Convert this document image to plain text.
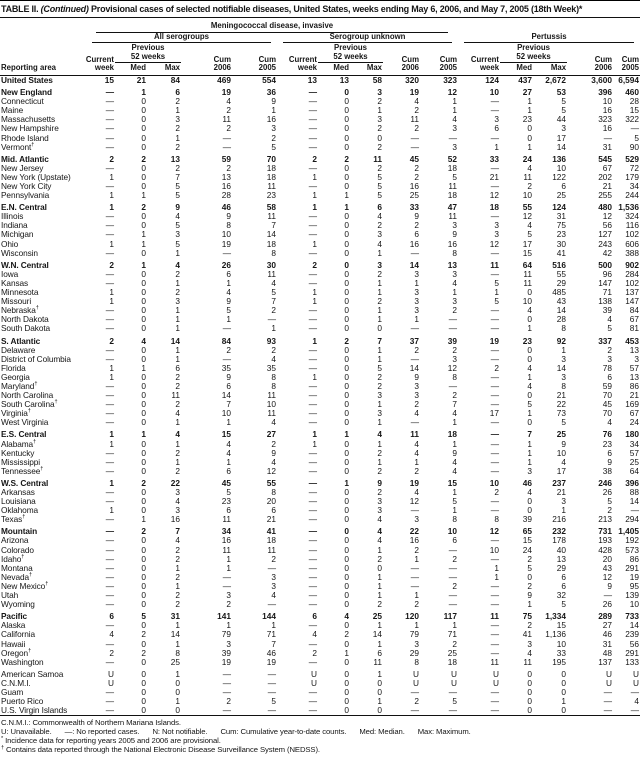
TABLE II. (Continued) Provisional cases of selected notifiable diseases, United States, weeks ending May 6, 2006, and May 7, 2005 (18th Week)*
Reporting area	Meningococcal disease, invasive														

	All serogroups					Serogroup unknown					Pertussis				

	Current
week	Previous
52 weeks		Cum
2006	Cum
2005	Current
week	Previous
52 weeks		Cum
2006	Cum
2005	Current
week	Previous
52 weeks		Cum
2006	Cum
2005
		Med	Max				Med	Max				Med	Max		
United States	15	21	84	469	554	13	13	58	320	323	124	437	2,672	3,600	6,594
New England	—	1	6	19	36	—	0	3	19	12	10	27	53	396	460
Connecticut	—	0	2	4	9	—	0	2	4	1	—	1	5	10	28
Maine	—	0	1	2	1	—	0	1	2	1	—	1	5	16	15
Massachusetts	—	0	3	11	16	—	0	3	11	4	3	23	44	323	322
New Hampshire	—	0	2	2	3	—	0	2	2	3	6	0	3	16	—
Rhode Island	—	0	1	—	2	—	0	0	—	—	—	0	17	—	5
Vermont†	—	0	2	—	5	—	0	2	—	3	1	1	14	31	90
Mid. Atlantic	2	2	13	59	70	2	2	11	45	52	33	24	136	545	529
New Jersey	—	0	2	2	18	—	0	2	2	18	—	4	10	67	72
New York (Upstate)	1	0	7	13	18	1	0	5	2	5	21	11	122	202	179
New York City	—	0	5	16	11	—	0	5	16	11	—	2	6	21	34
Pennsylvania	1	1	5	28	23	1	1	5	25	18	12	10	25	255	244
E.N. Central	1	2	9	46	58	1	1	6	33	47	18	55	124	480	1,536
Illinois	—	0	4	9	11	—	0	4	9	11	—	12	31	12	324
Indiana	—	0	5	8	7	—	0	2	2	3	3	4	75	56	116
Michigan	—	1	3	10	14	—	0	3	6	9	3	5	23	127	102
Ohio	1	1	5	19	18	1	0	4	16	16	12	17	30	243	606
Wisconsin	—	0	1	—	8	—	0	1	—	8	—	15	41	42	388
W.N. Central	2	1	4	26	30	2	0	3	14	13	11	64	516	500	902
Iowa	—	0	2	6	11	—	0	2	3	3	—	11	55	96	284
Kansas	—	0	1	1	4	—	0	1	1	4	5	11	29	147	102
Minnesota	1	0	2	4	5	1	0	1	3	1	1	0	485	71	137
Missouri	1	0	3	9	7	1	0	2	3	3	5	10	43	138	147
Nebraska†	—	0	1	5	2	—	0	1	3	2	—	4	14	39	84
North Dakota	—	0	1	1	—	—	0	1	1	—	—	0	28	4	67
South Dakota	—	0	1	—	1	—	0	0	—	—	—	1	8	5	81
S. Atlantic	2	4	14	84	93	1	2	7	37	39	19	23	92	337	453
Delaware	—	0	1	2	2	—	0	1	2	2	—	0	1	2	13
District of Columbia	—	0	1	—	4	—	0	1	—	3	—	0	3	3	3
Florida	1	1	6	35	35	—	0	5	14	12	2	4	14	78	57
Georgia	1	0	2	9	8	1	0	2	9	8	—	1	3	6	13
Maryland†	—	0	2	6	8	—	0	2	3	—	—	4	8	59	86
North Carolina	—	0	11	14	11	—	0	3	3	2	—	0	21	70	21
South Carolina†	—	0	2	7	10	—	0	1	2	7	—	5	22	45	169
Virginia†	—	0	4	10	11	—	0	3	4	4	17	1	73	70	67
West Virginia	—	0	1	1	4	—	0	1	—	1	—	0	5	4	24
E.S. Central	1	1	4	15	27	1	1	4	11	18	—	7	25	76	180
Alabama†	1	0	1	4	2	1	0	1	4	1	—	1	9	23	34
Kentucky	—	0	2	4	9	—	0	2	4	9	—	1	10	6	57
Mississippi	—	0	1	1	4	—	0	1	1	4	—	1	4	9	25
Tennessee†	—	0	2	6	12	—	0	2	2	4	—	3	17	38	64
W.S. Central	1	2	22	45	55	—	1	9	19	15	10	46	237	246	396
Arkansas	—	0	3	5	8	—	0	2	4	1	2	4	21	26	88
Louisiana	—	0	4	23	20	—	0	3	12	5	—	0	3	5	14
Oklahoma	1	0	3	6	6	—	0	3	—	1	—	0	1	2	—
Texas†	—	1	16	11	21	—	0	4	3	8	8	39	216	213	294
Mountain	—	2	7	34	41	—	0	4	22	10	12	65	232	731	1,405
Arizona	—	0	4	16	18	—	0	4	16	6	—	15	178	193	192
Colorado	—	0	2	11	11	—	0	1	2	—	10	24	40	428	573
Idaho†	—	0	2	1	2	—	0	2	1	2	—	2	13	20	86
Montana	—	0	1	1	—	—	0	0	—	—	1	5	29	43	291
Nevada†	—	0	2	—	3	—	0	1	—	—	1	0	6	12	19
New Mexico†	—	0	1	—	3	—	0	1	—	2	—	2	6	9	95
Utah	—	0	2	3	4	—	0	1	1	—	—	9	32	—	139
Wyoming	—	0	2	2	—	—	0	2	2	—	—	1	5	26	10
Pacific	6	5	31	141	144	6	4	25	120	117	11	75	1,334	289	733
Alaska	—	0	1	1	1	—	0	1	1	1	—	2	15	27	14
California	4	2	14	79	71	4	2	14	79	71	—	41	1,136	46	239
Hawaii	—	0	1	3	7	—	0	1	3	2	—	3	10	31	56
Oregon†	2	2	8	39	46	2	1	6	29	25	—	4	33	48	291
Washington	—	0	25	19	19	—	0	11	8	18	11	11	195	137	133
American Samoa	U	0	1	—	—	U	0	1	U	U	U	0	0	U	U
C.N.M.I.	U	0	0	—	—	U	0	0	U	U	U	0	0	U	U
Guam	—	0	0	—	—	—	0	0	—	—	—	0	0	—	—
Puerto Rico	—	0	1	2	5	—	0	1	2	5	—	0	1	—	4
U.S. Virgin Islands	—	0	0	—	—	—	0	0	—	—	—	0	0	—	—
C.N.M.I.: Commonwealth of Northern Mariana Islands.
U: Unavailable. —: No reported cases. N: Not notifiable. Cum: Cumulative year-to-date counts. Med: Median. Max: Maximum.
* Incidence data for reporting years 2005 and 2006 are provisional.
† Contains data reported through the National Electronic Disease Surveillance System (NEDSS).
